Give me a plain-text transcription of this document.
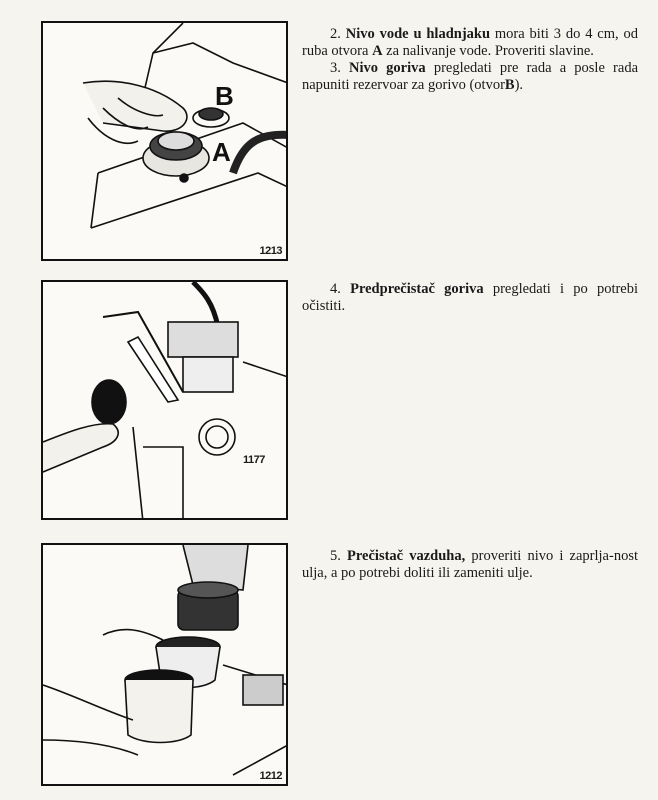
B
A
1213
1177
1212

2. Nivo vode u hladnjaku mora biti 3 do 4 cm, od ruba otvora A za nalivanje vode. Proveriti slavine.

3. Nivo goriva pregledati pre rada a posle rada napuniti rezervoar za gorivo (otvorB).

4. Predprečistač goriva pregledati i po potrebi očistiti.

5. Prečistač vazduha, proveriti nivo i zaprlja-nost ulja, a po potrebi doliti ili zameniti ulje.
